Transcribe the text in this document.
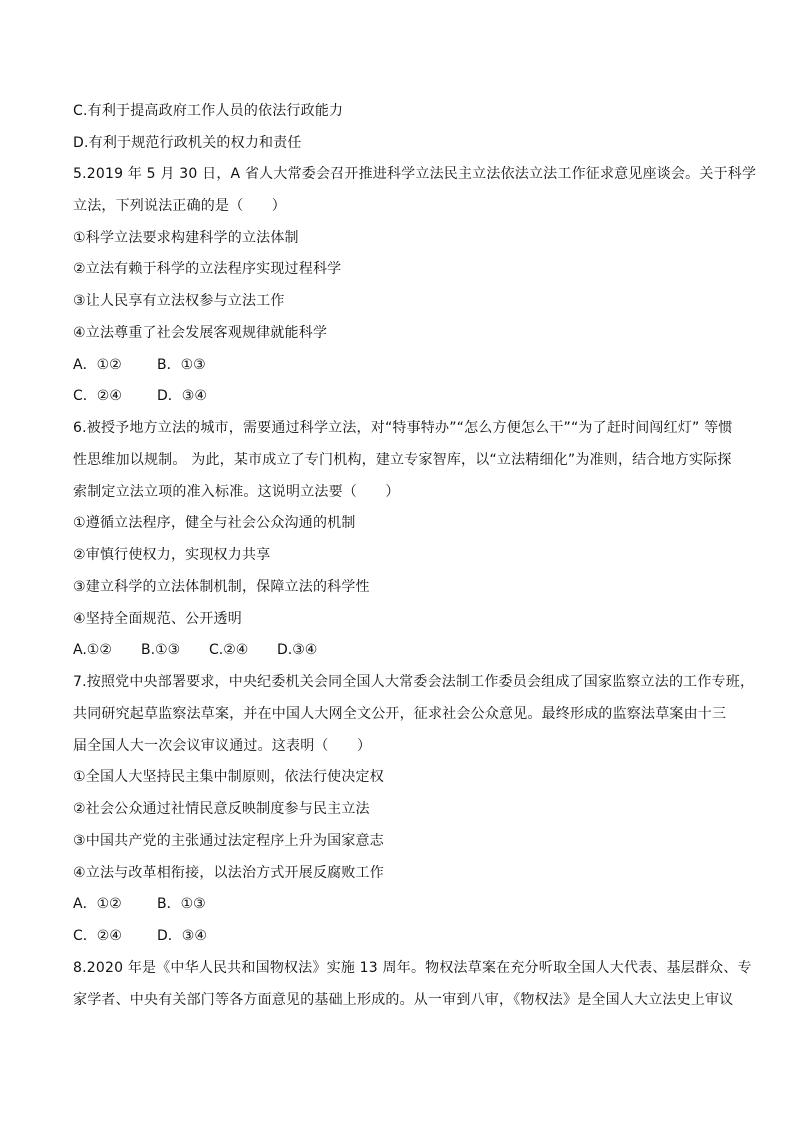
C.有利于提高政府工作人员的依法行政能力
D.有利于规范行政机关的权力和责任
5.2019 年 5 月 30 日，A 省人大常委会召开推进科学立法民主立法依法立法工作征求意见座谈会。关于科学
立法，下列说法正确的是（　　）
①科学立法要求构建科学的立法体制
②立法有赖于科学的立法程序实现过程科学
③让人民享有立法权参与立法工作
④立法尊重了社会发展客观规律就能科学
A．①②	B．①③
C．②④	D．③④
6.被授予地方立法的城市，需要通过科学立法，对“特事特办”“怎么方便怎么干”“为了赶时间闯红灯” 等惯
性思维加以规制。 为此，某市成立了专门机构，建立专家智库，以“立法精细化”为准则，结合地方实际探
索制定立法立项的准入标准。这说明立法要（　　）
①遵循立法程序，健全与社会公众沟通的机制
②审慎行使权力，实现权力共享
③建立科学的立法体制机制，保障立法的科学性
④坚持全面规范、公开透明
A.①② B.①③ C.②④ D.③④
7.按照党中央部署要求，中央纪委机关会同全国人大常委会法制工作委员会组成了国家监察立法的工作专班，
共同研究起草监察法草案，并在中国人大网全文公开，征求社会公众意见。最终形成的监察法草案由十三
届全国人大一次会议审议通过。这表明（　　）
①全国人大坚持民主集中制原则，依法行使决定权
②社会公众通过社情民意反映制度参与民主立法
③中国共产党的主张通过法定程序上升为国家意志
④立法与改革相衔接，以法治方式开展反腐败工作
A．①②	B．①③
C．②④	D．③④
8.2020 年是《中华人民共和国物权法》实施 13 周年。物权法草案在充分听取全国人大代表、基层群众、专
家学者、中央有关部门等各方面意见的基础上形成的。从一审到八审，《物权法》是全国人大立法史上审议
